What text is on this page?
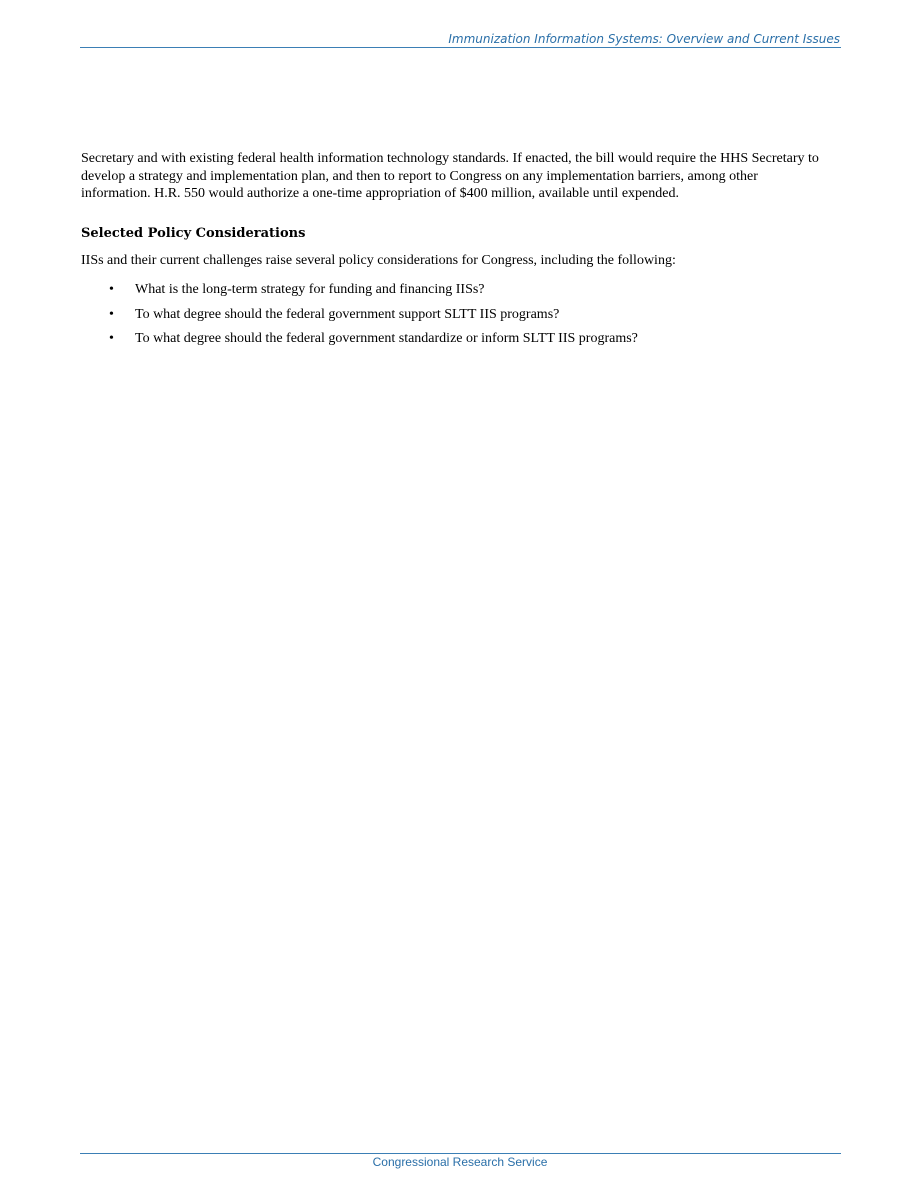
Immunization Information Systems: Overview and Current Issues

Secretary and with existing federal health information technology standards. If enacted, the bill would require the HHS Secretary to develop a strategy and implementation plan, and then to report to Congress on any implementation barriers, among other information. H.R. 550 would authorize a one-time appropriation of $400 million, available until expended.

Selected Policy Considerations

IISs and their current challenges raise several policy considerations for Congress, including the following:

• What is the long-term strategy for funding and financing IISs?
• To what degree should the federal government support SLTT IIS programs?
• To what degree should the federal government standardize or inform SLTT IIS programs?
Congressional Research Service
